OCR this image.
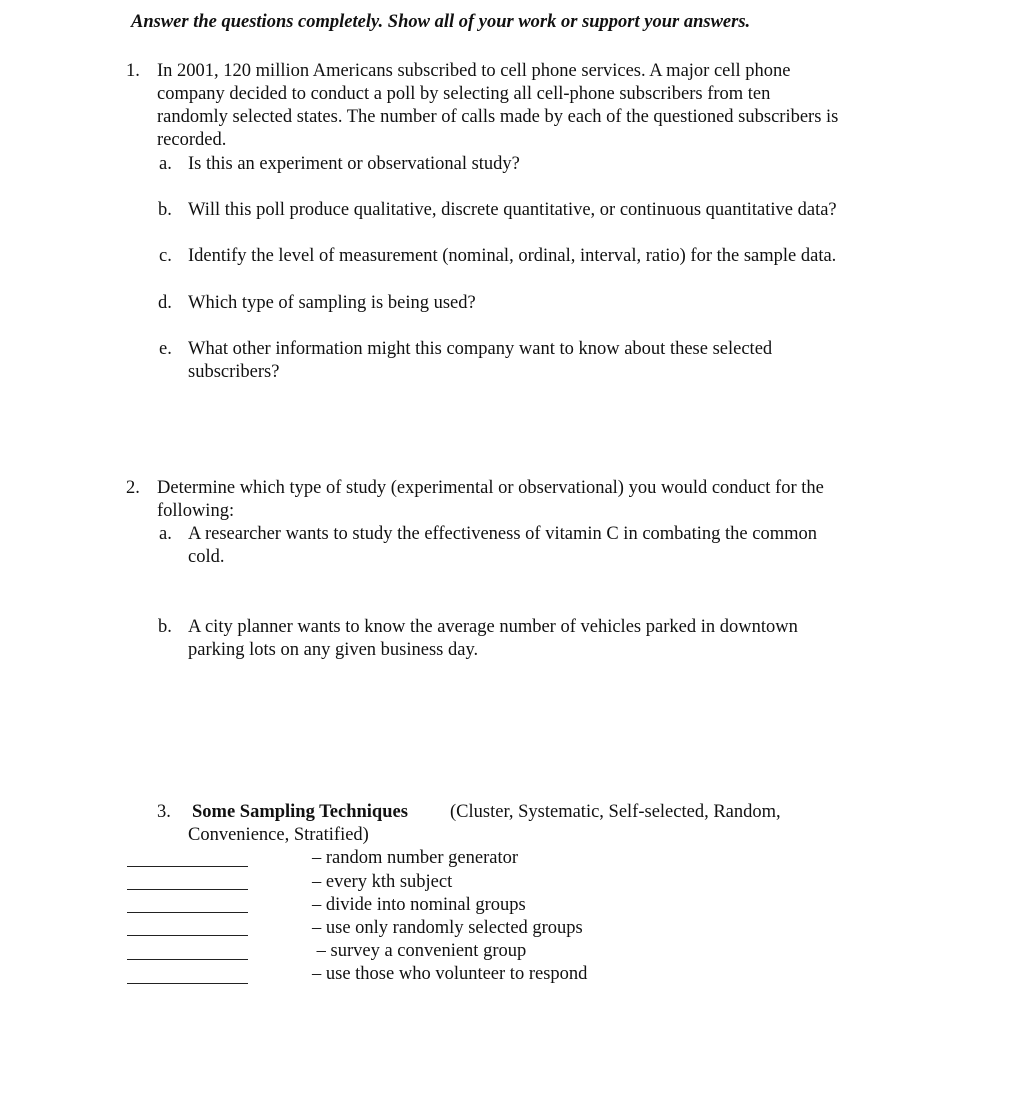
Answer the questions completely. Show all of your work or support your answers.
1. In 2001, 120 million Americans subscribed to cell phone services. A major cell phone
company decided to conduct a poll by selecting all cell-phone subscribers from ten
randomly selected states. The number of calls made by each of the questioned subscribers is
recorded.
a. Is this an experiment or observational study?
b. Will this poll produce qualitative, discrete quantitative, or continuous quantitative data?
c. Identify the level of measurement (nominal, ordinal, interval, ratio) for the sample data.
d. Which type of sampling is being used?
e. What other information might this company want to know about these selected
subscribers?
2. Determine which type of study (experimental or observational) you would conduct for the
following:
a. A researcher wants to study the effectiveness of vitamin C in combating the common
cold.
b. A city planner wants to know the average number of vehicles parked in downtown
parking lots on any given business day.
3. Some Sampling Techniques (Cluster, Systematic, Self-selected, Random,
Convenience, Stratified)
– random number generator
– every kth subject
– divide into nominal groups
– use only randomly selected groups
– survey a convenient group
– use those who volunteer to respond
